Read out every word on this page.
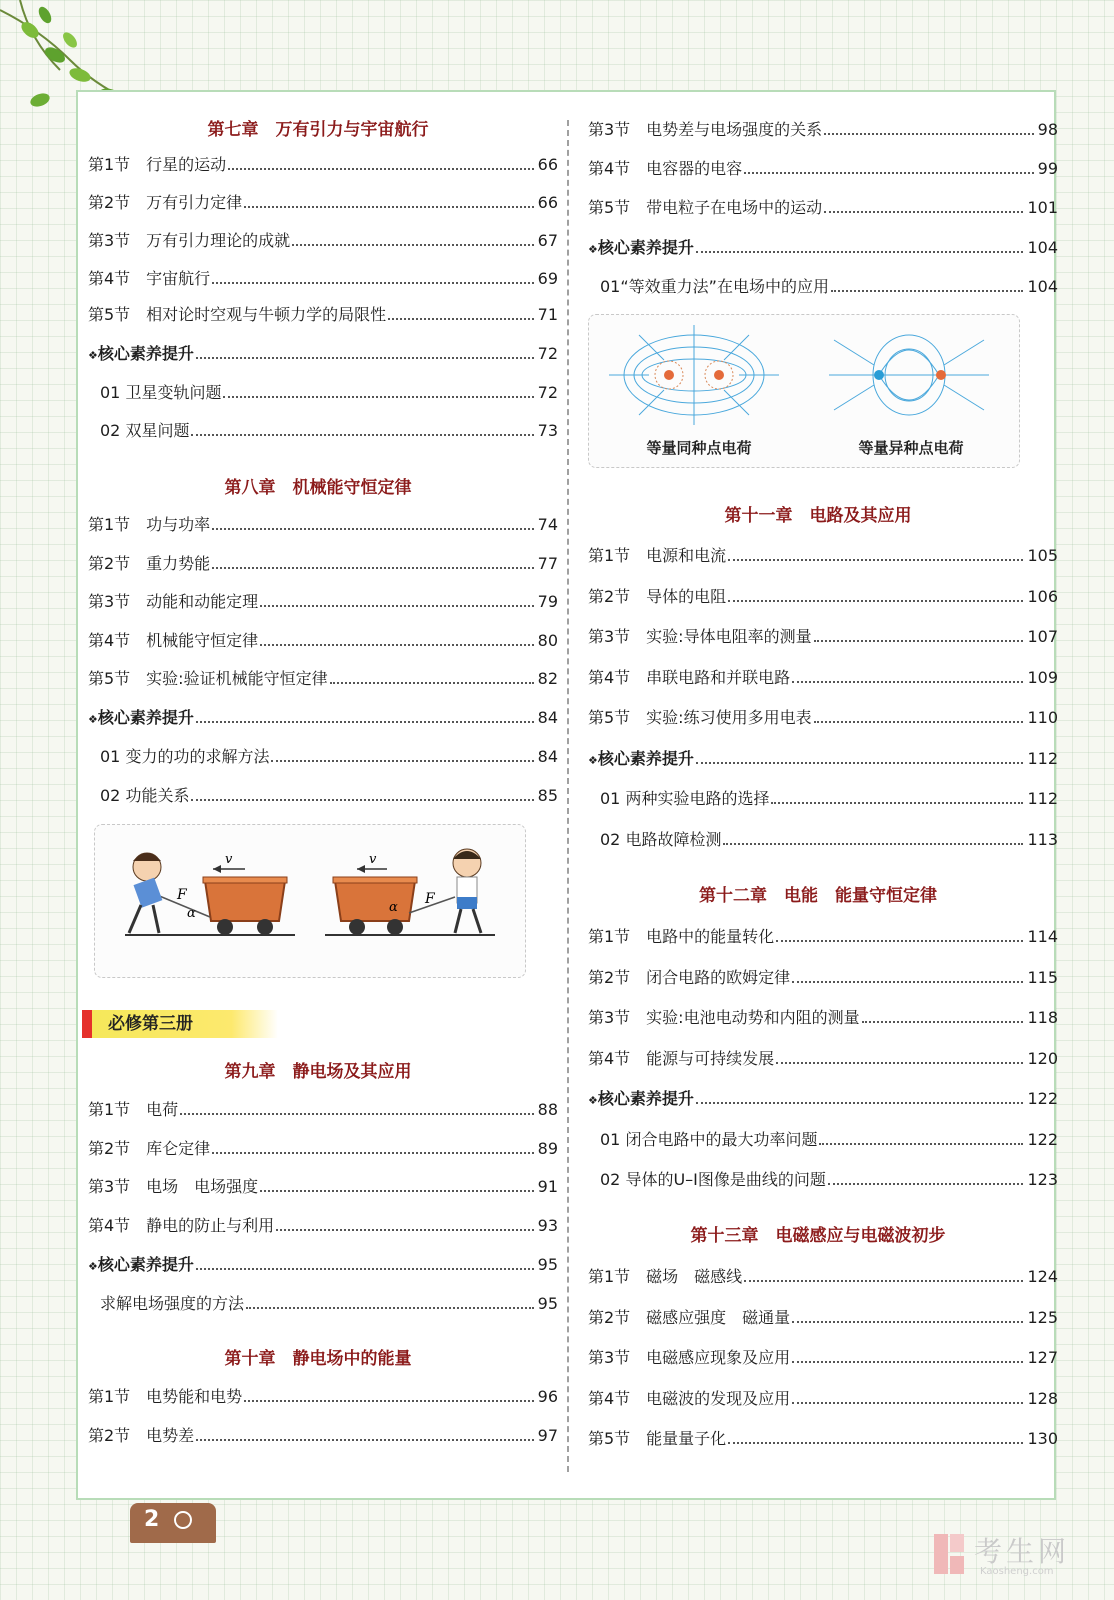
第七章　万有引力与宇宙航行
第1节　行星的运动	66
第2节　万有引力定律	66
第3节　万有引力理论的成就	67
第4节　宇宙航行	69
第5节　相对论时空观与牛顿力学的局限性	71
❖ 核心素养提升	72
01 卫星变轨问题	72
02 双星问题	73
第八章　机械能守恒定律
第1节　功与功率	74
第2节　重力势能	77
第3节　动能和动能定理	79
第4节　机械能守恒定律	80
第5节　实验:验证机械能守恒定律	82
❖ 核心素养提升	84
01 变力的功的求解方法	84
02 功能关系	85
v
F
α
v
F
α
必修第三册
第九章　静电场及其应用
第1节　电荷	88
第2节　库仑定律	89
第3节　电场　电场强度	91
第4节　静电的防止与利用	93
❖ 核心素养提升	95
求解电场强度的方法	95
第十章　静电场中的能量
第1节　电势能和电势	96
第2节　电势差	97
第3节　电势差与电场强度的关系	98
第4节　电容器的电容	99
第5节　带电粒子在电场中的运动	101
❖ 核心素养提升	104
01“等效重力法”在电场中的应用	104
等量同种点电荷	等量异种点电荷
第十一章　电路及其应用
第1节　电源和电流	105
第2节　导体的电阻	106
第3节　实验:导体电阻率的测量	107
第4节　串联电路和并联电路	109
第5节　实验:练习使用多用电表	110
❖ 核心素养提升	112
01 两种实验电路的选择	112
02 电路故障检测	113
第十二章　电能　能量守恒定律
第1节　电路中的能量转化	114
第2节　闭合电路的欧姆定律	115
第3节　实验:电池电动势和内阻的测量	118
第4节　能源与可持续发展	120
❖ 核心素养提升	122
01 闭合电路中的最大功率问题	122
02 导体的U–I图像是曲线的问题	123
第十三章　电磁感应与电磁波初步
第1节　磁场　磁感线	124
第2节　磁感应强度　磁通量	125
第3节　电磁感应现象及应用	127
第4节　电磁波的发现及应用	128
第5节　能量量子化	130
2
考生网
Kaosheng.com
